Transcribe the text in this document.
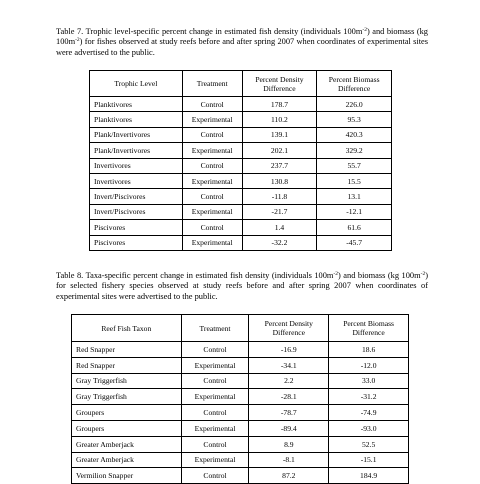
Table 7. Trophic level-specific percent change in estimated fish density (individuals $100m^{-2}$) and biomass (kg $100m^{-2}$) for fishes observed at study reefs before and after spring 2007 when coordinates of experimental sites were advertised to the public.
Trophic Level	Treatment	Percent Density Difference	Percent Biomass Difference
Planktivores	Control	178.7	226.0
Planktivores	Experimental	110.2	95.3
Plank/Invertivores	Control	139.1	420.3
Plank/Invertivores	Experimental	202.1	329.2
Invertivores	Control	237.7	55.7
Invertivores	Experimental	130.8	15.5
Invert/Piscivores	Control	-11.8	13.1
Invert/Piscivores	Experimental	-21.7	-12.1
Piscivores	Control	1.4	61.6
Piscivores	Experimental	-32.2	-45.7
Table 8. Taxa-specific percent change in estimated fish density (individuals $100m^{-2}$) and biomass (kg $100m^{-2}$) for selected fishery species observed at study reefs before and after spring 2007 when coordinates of experimental sites were advertised to the public.
Reef Fish Taxon	Treatment	Percent Density Difference	Percent Biomass Difference
Red Snapper	Control	-16.9	18.6
Red Snapper	Experimental	-34.1	-12.0
Gray Triggerfish	Control	2.2	33.0
Gray Triggerfish	Experimental	-28.1	-31.2
Groupers	Control	-78.7	-74.9
Groupers	Experimental	-89.4	-93.0
Greater Amberjack	Control	8.9	52.5
Greater Amberjack	Experimental	-8.1	-15.1
Vermilion Snapper	Control	87.2	184.9
